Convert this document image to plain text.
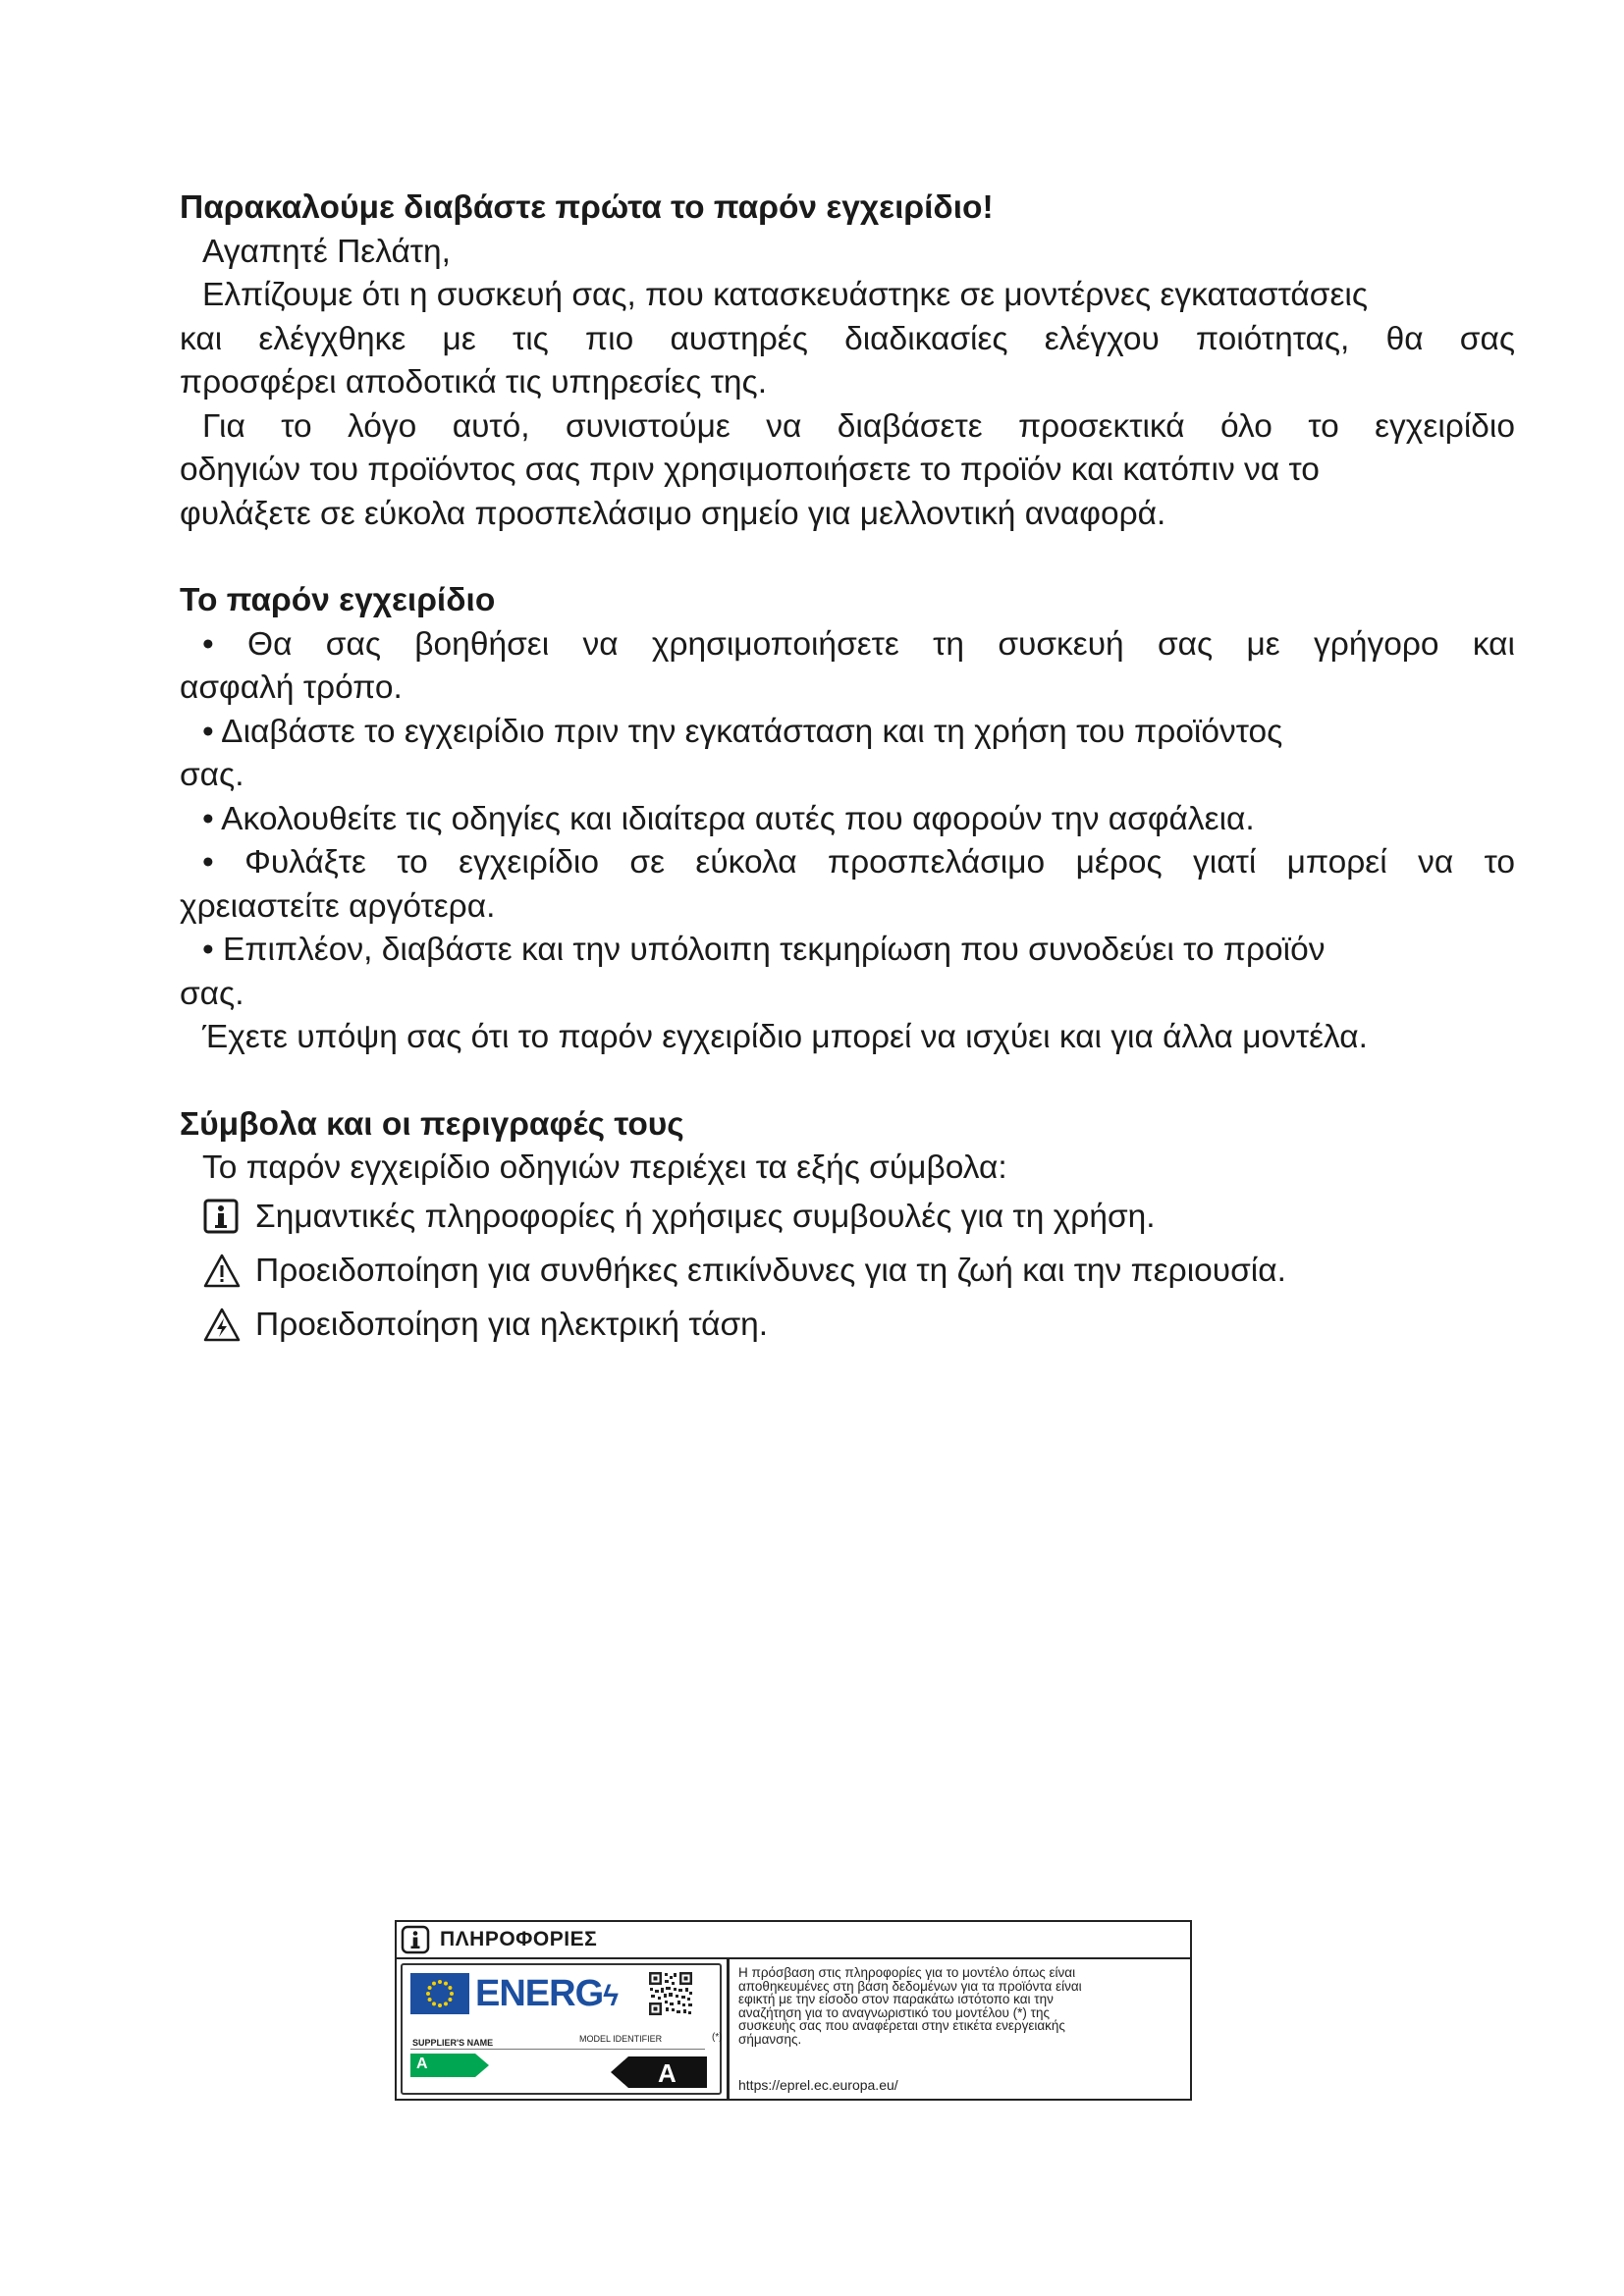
Παρακαλούμε διαβάστε πρώτα το παρόν εγχειρίδιο!
Αγαπητέ Πελάτη,
Ελπίζουμε ότι η συσκευή σας, που κατασκευάστηκε σε μοντέρνες εγκαταστάσεις
και ελέγχθηκε με τις πιο αυστηρές διαδικασίες ελέγχου ποιότητας, θα σας
προσφέρει αποδοτικά τις υπηρεσίες της.
Για το λόγο αυτό, συνιστούμε να διαβάσετε προσεκτικά όλο το εγχειρίδιο
οδηγιών του προϊόντος σας πριν χρησιμοποιήσετε το προϊόν και κατόπιν να το
φυλάξετε σε εύκολα προσπελάσιμο σημείο για μελλοντική αναφορά.
Το παρόν εγχειρίδιο
• Θα σας βοηθήσει να χρησιμοποιήσετε τη συσκευή σας με γρήγορο και
ασφαλή τρόπο.
• Διαβάστε το εγχειρίδιο πριν την εγκατάσταση και τη χρήση του προϊόντος
σας.
• Ακολουθείτε τις οδηγίες και ιδιαίτερα αυτές που αφορούν την ασφάλεια.
• Φυλάξτε το εγχειρίδιο σε εύκολα προσπελάσιμο μέρος γιατί μπορεί να το
χρειαστείτε αργότερα.
• Επιπλέον, διαβάστε και την υπόλοιπη τεκμηρίωση που συνοδεύει το προϊόν
σας.
Έχετε υπόψη σας ότι το παρόν εγχειρίδιο μπορεί να ισχύει και για άλλα μοντέλα.
Σύμβολα και οι περιγραφές τους
Το παρόν εγχειρίδιο οδηγιών περιέχει τα εξής σύμβολα:
Σημαντικές πληροφορίες ή χρήσιμες συμβουλές για τη χρήση.
Προειδοποίηση για συνθήκες επικίνδυνες για τη ζωή και την περιουσία.
Προειδοποίηση για ηλεκτρική τάση.
ΠΛΗΡΟΦΟΡΙΕΣ
ENERGϟ
SUPPLIER'S NAME	MODEL IDENTIFIER	(*)
A	A
Η πρόσβαση στις πληροφορίες για το μοντέλο όπως είναι
αποθηκευμένες στη βάση δεδομένων για τα προϊόντα είναι
εφικτή με την είσοδο στον παρακάτω ιστότοπο και την
αναζήτηση για το αναγνωριστικό του μοντέλου (*) της
συσκευής σας που αναφέρεται στην ετικέτα ενεργειακής
σήμανσης.
https://eprel.ec.europa.eu/
